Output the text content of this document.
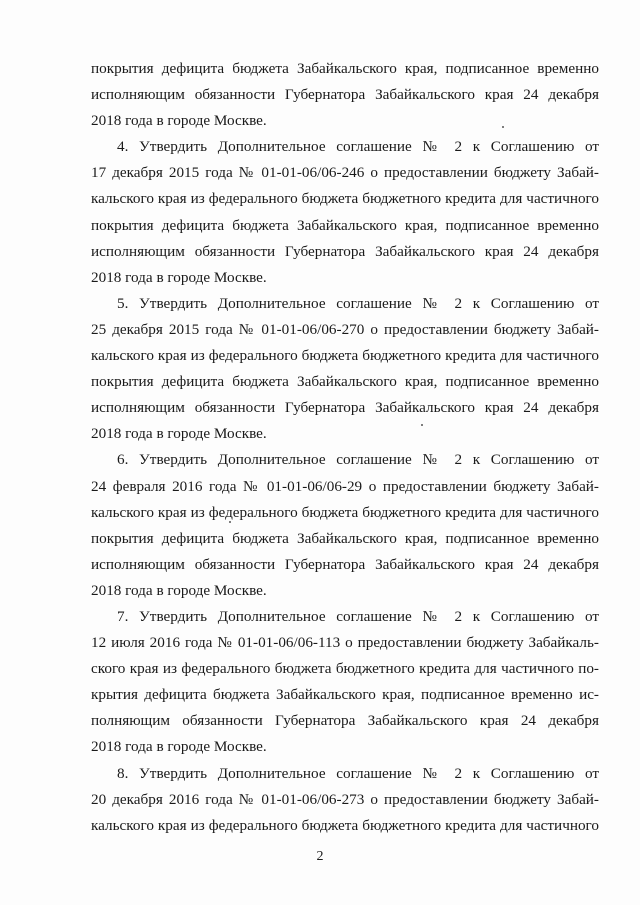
покрытия дефицита бюджета Забайкальского края, подписанное временно
исполняющим обязанности Губернатора Забайкальского края 24 декабря
2018 года в городе Москве.
4. Утвердить Дополнительное соглашение № 2 к Соглашению от
17 декабря 2015 года № 01-01-06/06-246 о предоставлении бюджету Забай-
кальского края из федерального бюджета бюджетного кредита для частичного
покрытия дефицита бюджета Забайкальского края, подписанное временно
исполняющим обязанности Губернатора Забайкальского края 24 декабря
2018 года в городе Москве.
5. Утвердить Дополнительное соглашение № 2 к Соглашению от
25 декабря 2015 года № 01-01-06/06-270 о предоставлении бюджету Забай-
кальского края из федерального бюджета бюджетного кредита для частичного
покрытия дефицита бюджета Забайкальского края, подписанное временно
исполняющим обязанности Губернатора Забайкальского края 24 декабря
2018 года в городе Москве.
6. Утвердить Дополнительное соглашение № 2 к Соглашению от
24 февраля 2016 года № 01-01-06/06-29 о предоставлении бюджету Забай-
кальского края из федерального бюджета бюджетного кредита для частичного
покрытия дефицита бюджета Забайкальского края, подписанное временно
исполняющим обязанности Губернатора Забайкальского края 24 декабря
2018 года в городе Москве.
7. Утвердить Дополнительное соглашение № 2 к Соглашению от
12 июля 2016 года № 01-01-06/06-113 о предоставлении бюджету Забайкаль-
ского края из федерального бюджета бюджетного кредита для частичного по-
крытия дефицита бюджета Забайкальского края, подписанное временно ис-
полняющим обязанности Губернатора Забайкальского края 24 декабря
2018 года в городе Москве.
8. Утвердить Дополнительное соглашение № 2 к Соглашению от
20 декабря 2016 года № 01-01-06/06-273 о предоставлении бюджету Забай-
кальского края из федерального бюджета бюджетного кредита для частичного
2
